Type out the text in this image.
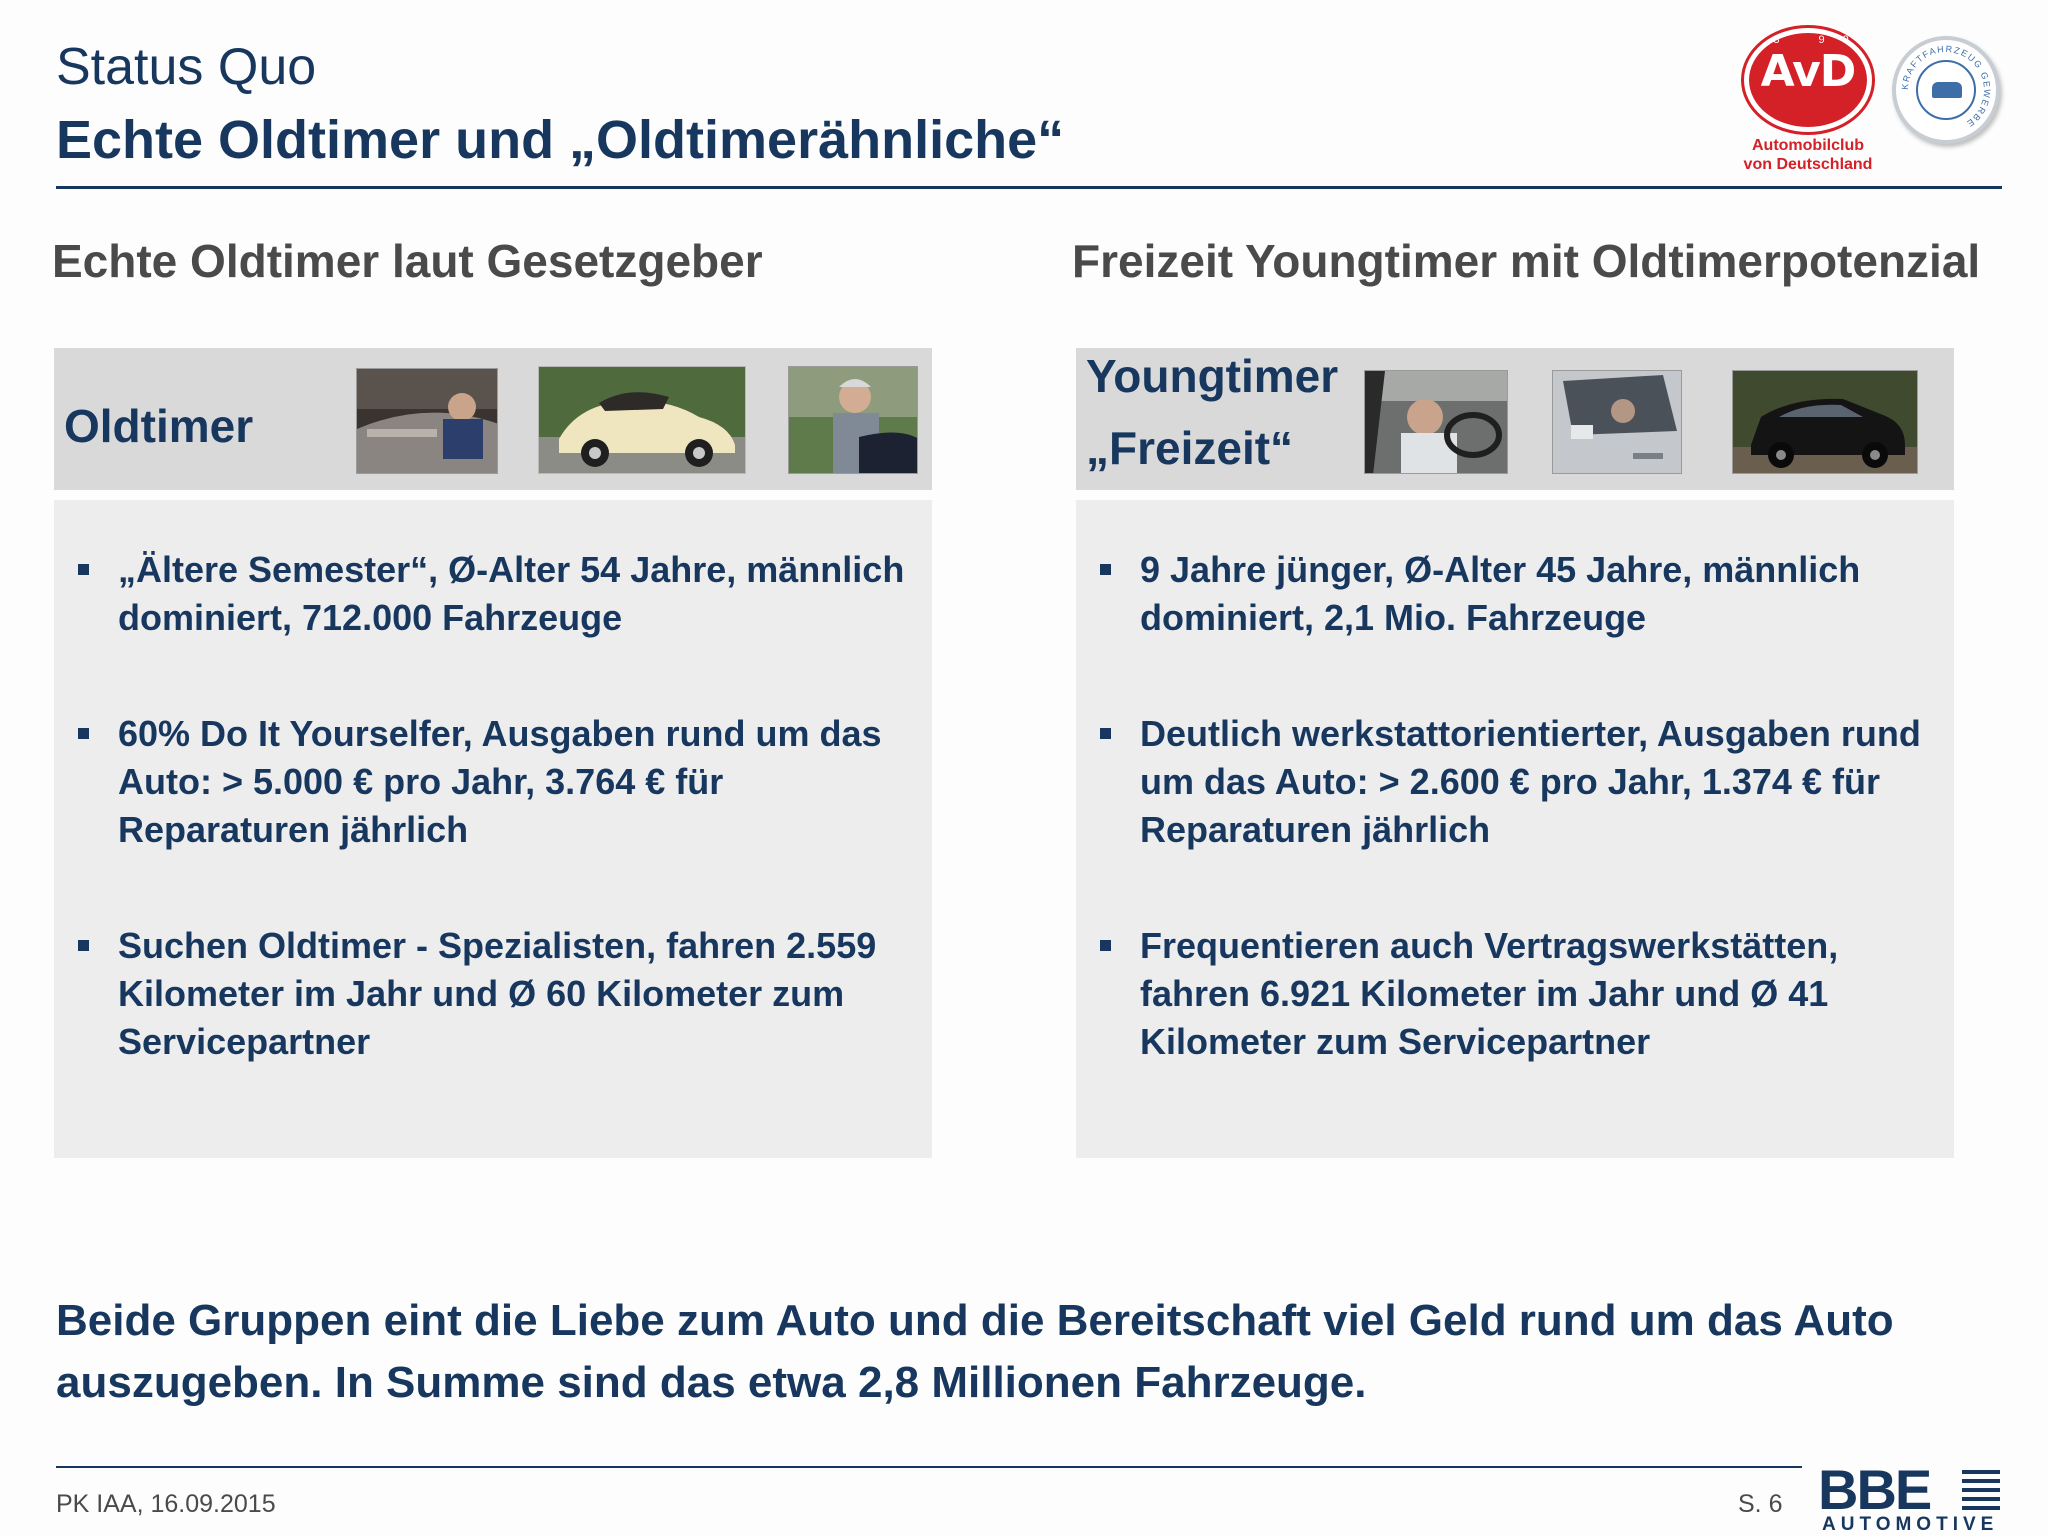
Status Quo
Echte Oldtimer und „Oldtimerähnliche“
18 99
AvD
Automobilclub
von Deutschland
KRAFTFAHRZEUG GEWERBE
Echte Oldtimer laut Gesetzgeber	Freizeit Youngtimer mit Oldtimerpotenzial
Oldtimer
Youngtimer
„Freizeit“
„Ältere Semester“, Ø-Alter 54 Jahre, männlich dominiert, 712.000 Fahrzeuge
60% Do It Yourselfer, Ausgaben rund um das Auto: > 5.000 € pro Jahr, 3.764 € für Reparaturen jährlich
Suchen Oldtimer - Spezialisten, fahren 2.559 Kilometer im Jahr und Ø 60 Kilometer zum Servicepartner
9 Jahre jünger, Ø-Alter 45 Jahre, männlich dominiert, 2,1 Mio. Fahrzeuge
Deutlich werkstattorientierter, Ausgaben rund um das Auto: > 2.600 € pro Jahr, 1.374 € für Reparaturen jährlich
Frequentieren auch Vertragswerkstätten, fahren 6.921 Kilometer im Jahr und Ø 41 Kilometer zum Servicepartner
Beide Gruppen eint die Liebe zum Auto und die Bereitschaft viel Geld rund um das Auto auszugeben. In Summe sind das etwa 2,8 Millionen Fahrzeuge.
PK IAA, 16.09.2015	S. 6 BBE
AUTOMOTIVE
